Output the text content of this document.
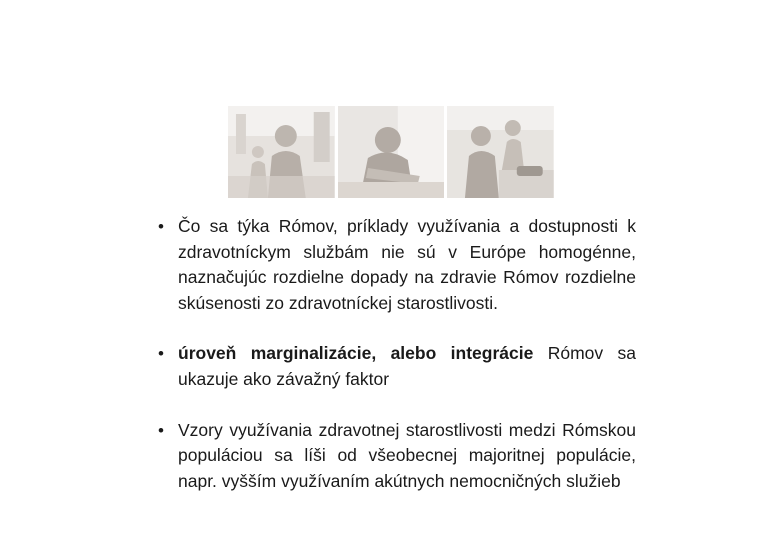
• Čo sa týka Rómov, príklady využívania a dostupnosti k zdravotníckym službám nie sú v Európe homogénne, naznačujúc rozdielne dopady na zdravie Rómov rozdielne skúsenosti zo zdravotníckej starostlivosti.
• úroveň marginalizácie, alebo integrácie Rómov sa ukazuje ako závažný faktor
• Vzory využívania zdravotnej starostlivosti medzi Rómskou populáciou sa líši od všeobecnej majoritnej populácie, napr. vyšším využívaním akútnych nemocničných služieb
